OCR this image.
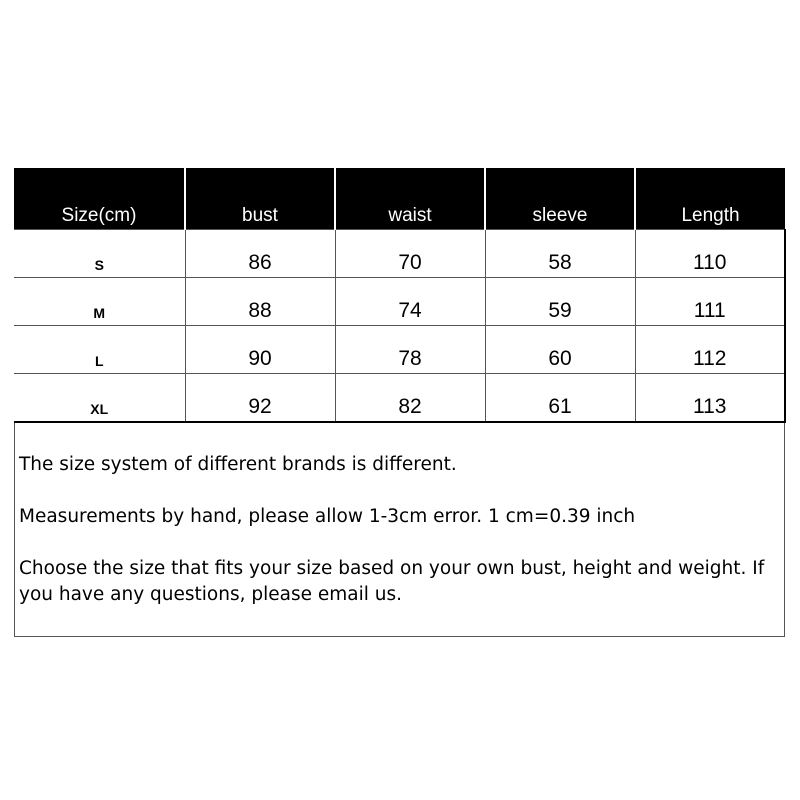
Size(cm)	bust	waist	sleeve	Length
S	86	70	58	110
M	88	74	59	111
L	90	78	60	112
XL	92	82	61	113

The size system of different brands is different.

Measurements by hand, please allow 1-3cm error. 1 cm=0.39 inch

Choose the size that fits your size based on your own bust, height and weight. If you have any questions, please email us.
